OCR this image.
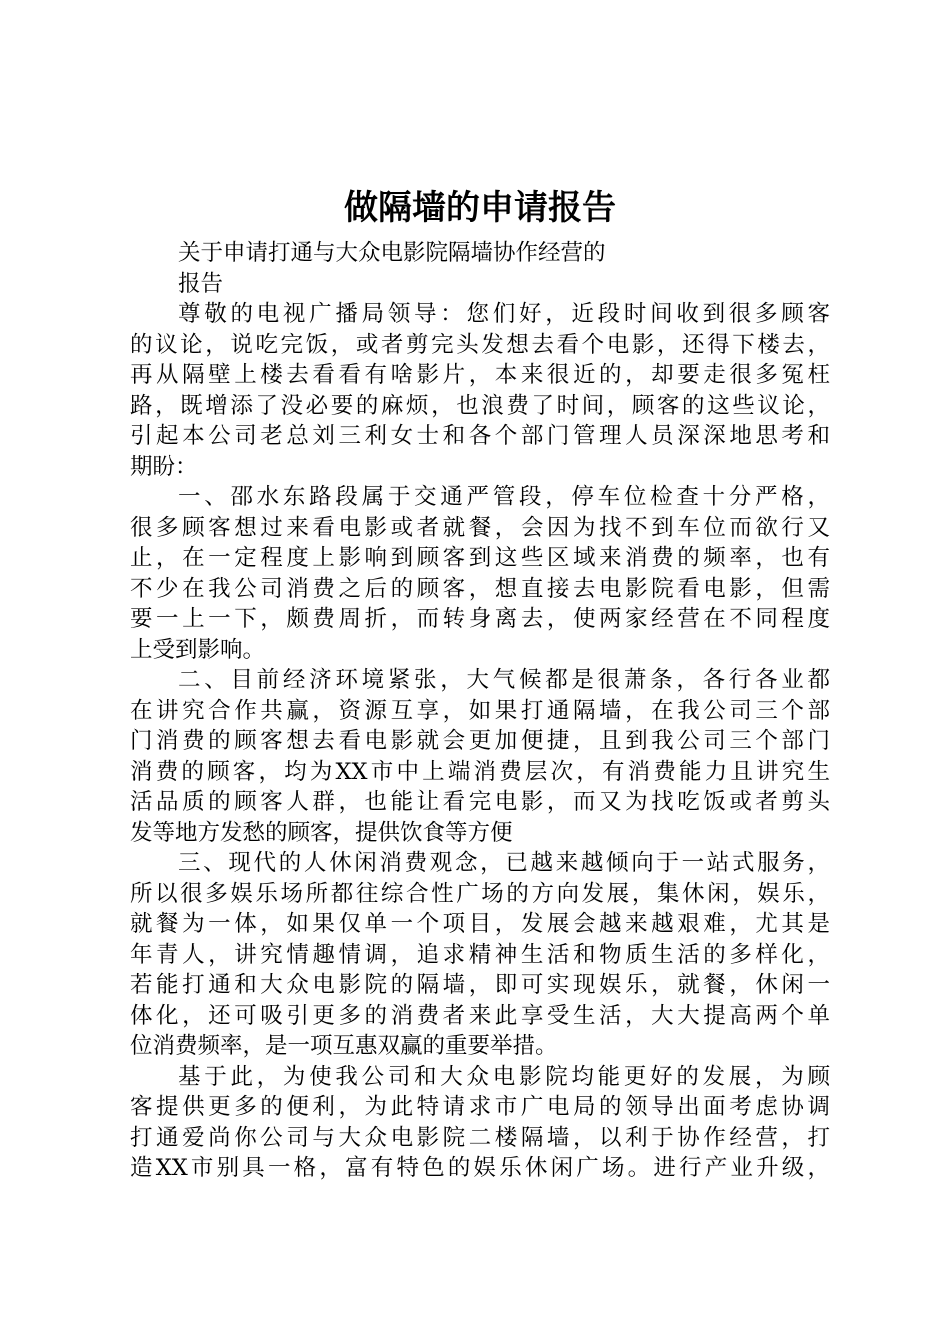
做隔墙的申请报告

关于申请打通与大众电影院隔墙协作经营的

报告

尊敬的电视广播局领导：您们好，近段时间收到很多顾客
的议论，说吃完饭，或者剪完头发想去看个电影，还得下楼去，
再从隔壁上楼去看看有啥影片，本来很近的，却要走很多冤枉
路，既增添了没必要的麻烦，也浪费了时间，顾客的这些议论，
引起本公司老总刘三利女士和各个部门管理人员深深地思考和
期盼：
一、邵水东路段属于交通严管段，停车位检查十分严格，
很多顾客想过来看电影或者就餐，会因为找不到车位而欲行又
止，在一定程度上影响到顾客到这些区域来消费的频率，也有
不少在我公司消费之后的顾客，想直接去电影院看电影，但需
要一上一下，颇费周折，而转身离去，使两家经营在不同程度
上受到影响。
二、目前经济环境紧张，大气候都是很萧条，各行各业都
在讲究合作共赢，资源互享，如果打通隔墙，在我公司三个部
门消费的顾客想去看电影就会更加便捷，且到我公司三个部门
消费的顾客，均为XX市中上端消费层次，有消费能力且讲究生
活品质的顾客人群，也能让看完电影，而又为找吃饭或者剪头
发等地方发愁的顾客，提供饮食等方便
三、现代的人休闲消费观念，已越来越倾向于一站式服务，
所以很多娱乐场所都往综合性广场的方向发展，集休闲，娱乐，
就餐为一体，如果仅单一个项目，发展会越来越艰难，尤其是
年青人，讲究情趣情调，追求精神生活和物质生活的多样化，
若能打通和大众电影院的隔墙，即可实现娱乐，就餐，休闲一
体化，还可吸引更多的消费者来此享受生活，大大提高两个单
位消费频率，是一项互惠双赢的重要举措。
基于此，为使我公司和大众电影院均能更好的发展，为顾
客提供更多的便利，为此特请求市广电局的领导出面考虑协调
打通爱尚你公司与大众电影院二楼隔墙，以利于协作经营，打
造XX市别具一格，富有特色的娱乐休闲广场。进行产业升级，
